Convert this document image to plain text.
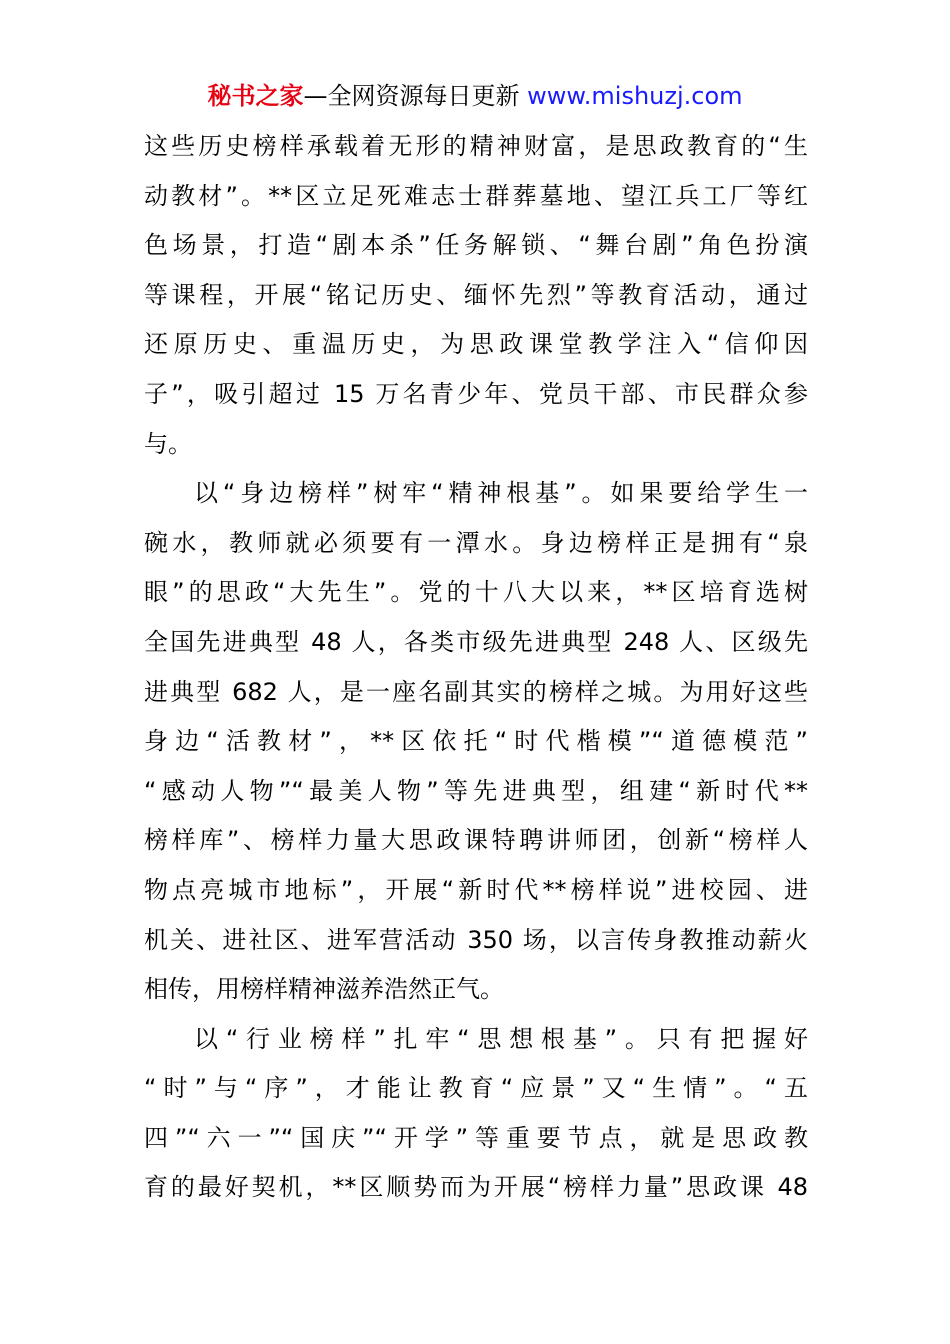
秘书之家—全网资源每日更新 www.mishuzj.com
这些历史榜样承载着无形的精神财富，是思政教育的“生
动教材”。**区立足死难志士群葬墓地、望江兵工厂等红
色场景，打造“剧本杀”任务解锁、“舞台剧”角色扮演
等课程，开展“铭记历史、缅怀先烈”等教育活动，通过
还原历史、重温历史，为思政课堂教学注入“信仰因
子”，吸引超过 15 万名青少年、党员干部、市民群众参
与。
以“身边榜样”树牢“精神根基”。如果要给学生一
碗水，教师就必须要有一潭水。身边榜样正是拥有“泉
眼”的思政“大先生”。党的十八大以来，**区培育选树
全国先进典型 48 人，各类市级先进典型 248 人、区级先
进典型 682 人，是一座名副其实的榜样之城。为用好这些
身边“活教材”，**区依托“时代楷模”“道德模范”
“感动人物”“最美人物”等先进典型，组建“新时代**
榜样库”、榜样力量大思政课特聘讲师团，创新“榜样人
物点亮城市地标”，开展“新时代**榜样说”进校园、进
机关、进社区、进军营活动 350 场，以言传身教推动薪火
相传，用榜样精神滋养浩然正气。
以“行业榜样”扎牢“思想根基”。只有把握好
“时”与“序”，才能让教育“应景”又“生情”。“五
四”“六一”“国庆”“开学”等重要节点，就是思政教
育的最好契机，**区顺势而为开展“榜样力量”思政课 48
